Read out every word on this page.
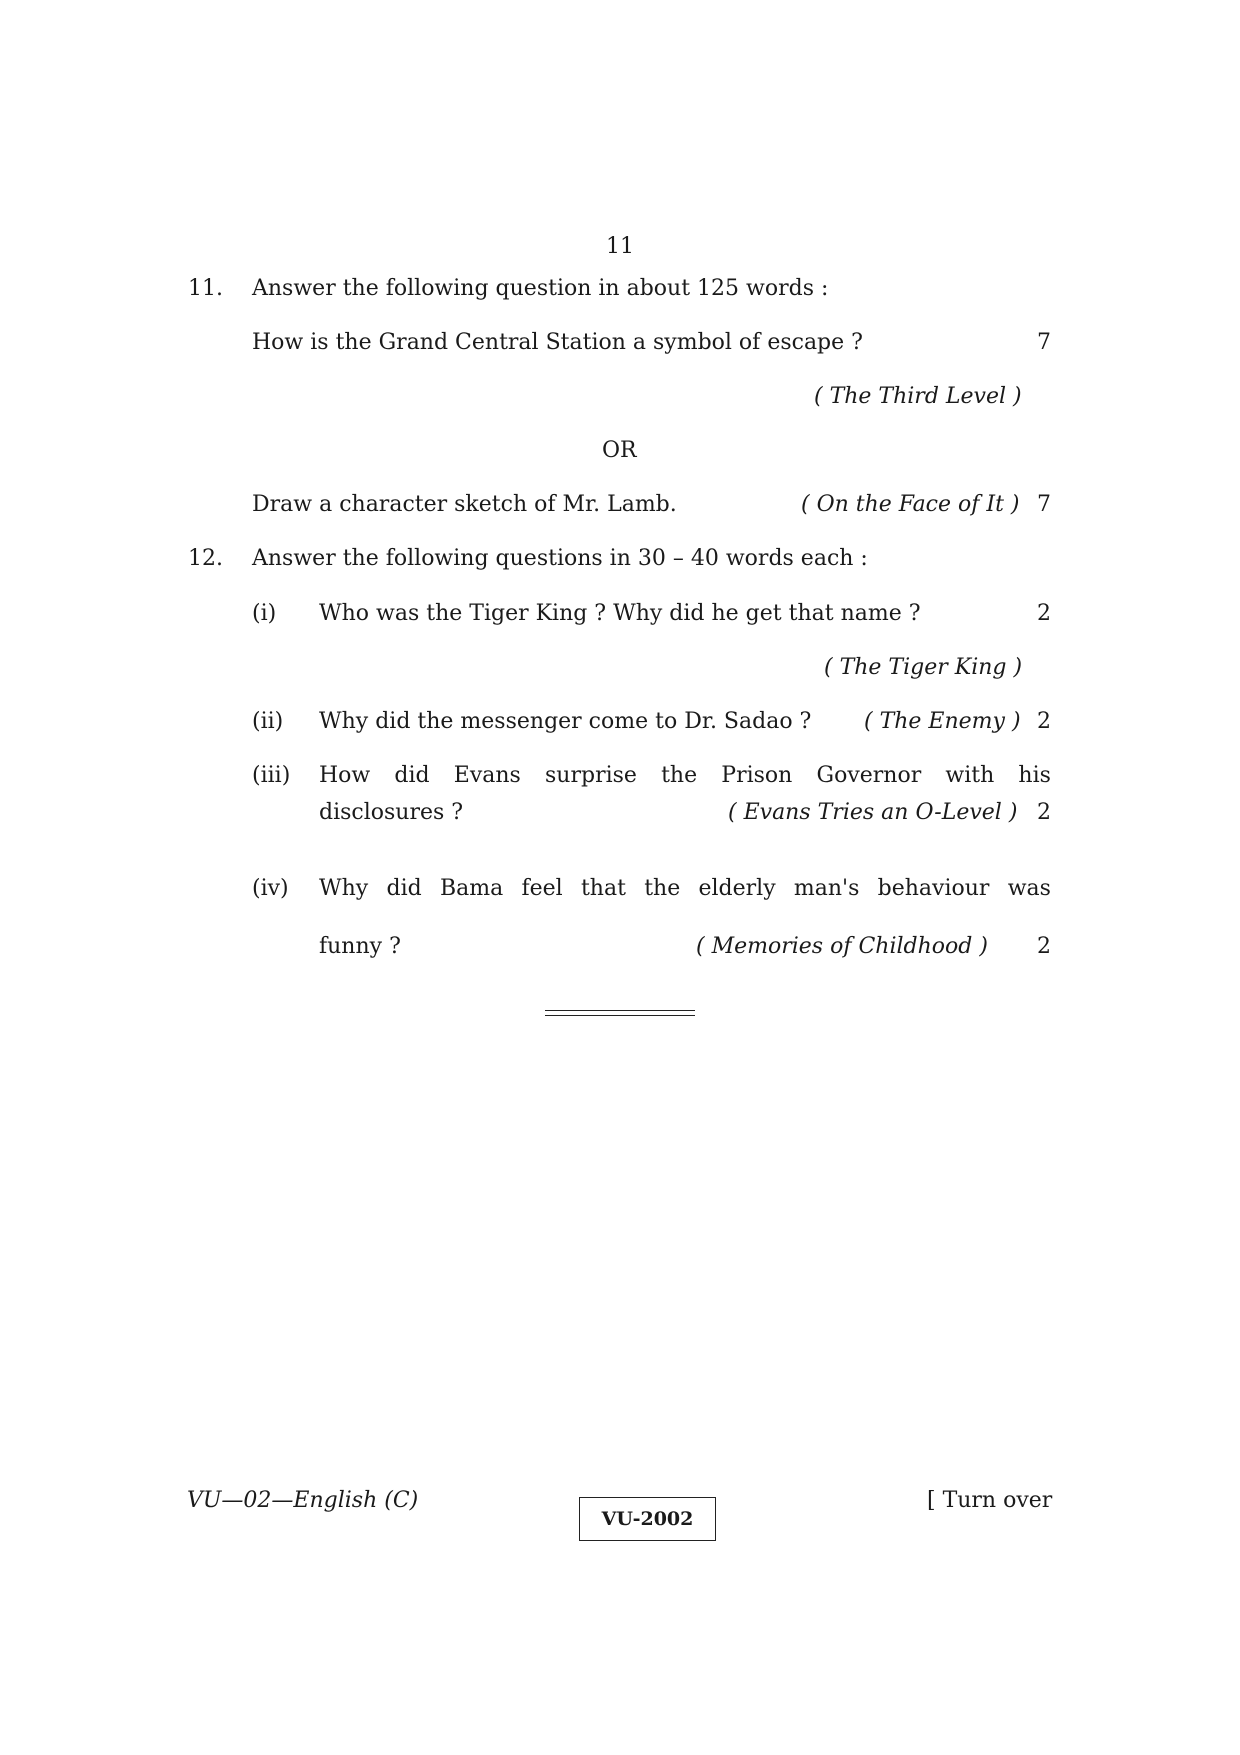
11
11. Answer the following question in about 125 words :
How is the Grand Central Station a symbol of escape ?	7
( The Third Level )
OR
Draw a character sketch of Mr. Lamb.	( On the Face of It ) 7
12. Answer the following questions in 30 – 40 words each :
(i) Who was the Tiger King ? Why did he get that name ?	2
( The Tiger King )
(ii) Why did the messenger come to Dr. Sadao ? ( The Enemy ) 2
(iii) How did Evans surprise the Prison Governor with his
disclosures ?	( Evans Tries an O-Level ) 2
(iv) Why did Bama feel that the elderly man's behaviour was
funny ?	( Memories of Childhood ) 2
VU—02—English (C)
VU-2002
[ Turn over
